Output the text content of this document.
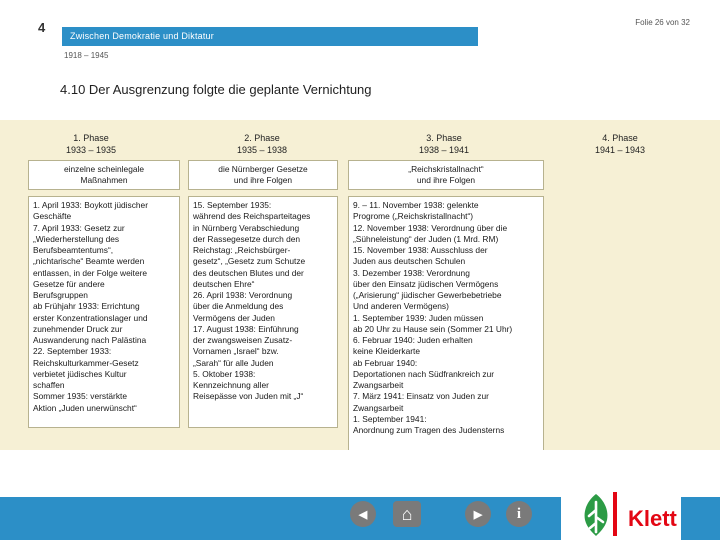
4	Folie 26 von 32
Zwischen Demokratie und Diktatur
1918 – 1945
4.10 Der Ausgrenzung folgte die geplante Vernichtung
1. Phase
1933 – 1935
einzelne scheinlegale
Maßnahmen
1. April 1933: Boykott jüdischer
Geschäfte
7. April 1933: Gesetz zur
„Wiederherstellung des
Berufsbeamtentums“,
„nichtarische“ Beamte werden
entlassen, in der Folge weitere
Gesetze für andere
Berufsgruppen
ab Frühjahr 1933: Errichtung
erster Konzentrationslager und
zunehmender Druck zur
Auswanderung nach Palästina
22. September 1933:
Reichskulturkammer-Gesetz
verbietet jüdisches Kultur
schaffen
Sommer 1935: verstärkte
Aktion „Juden unerwünscht“
2. Phase
1935 – 1938
die Nürnberger Gesetze
und ihre Folgen
15. September 1935:
während des Reichsparteitages
in Nürnberg Verabschiedung
der Rassegesetze durch den
Reichstag: „Reichsbürger-
gesetz“, „Gesetz zum Schutze
des deutschen Blutes und der
deutschen Ehre“
26. April 1938: Verordnung
über die Anmeldung des
Vermögens der Juden
17. August 1938: Einführung
der zwangsweisen Zusatz-
Vornamen „Israel“ bzw.
„Sarah“ für alle Juden
5. Oktober 1938:
Kennzeichnung aller
Reisepässe von Juden mit „J“
3. Phase
1938 – 1941
„Reichskristallnacht“
und ihre Folgen
9. – 11. November 1938: gelenkte
Progrome („Reichskristallnacht“)
12. November 1938: Verordnung über die
„Sühneleistung“ der Juden (1 Mrd. RM)
15. November 1938: Ausschluss der
Juden aus deutschen Schulen
3. Dezember 1938: Verordnung
über den Einsatz jüdischen Vermögens
(„Arisierung“ jüdischer Gewerbebetriebe
Und anderen Vermögens)
1. September 1939: Juden müssen
ab 20 Uhr zu Hause sein (Sommer 21 Uhr)
6. Februar 1940: Juden erhalten
keine Kleiderkarte
ab Februar 1940:
Deportationen nach Südfrankreich zur
Zwangsarbeit
7. März 1941: Einsatz von Juden zur
Zwangsarbeit
1. September 1941:
Anordnung zum Tragen des Judensterns
4. Phase
1941 – 1943
◀ ⌂	▶ i	Klett
